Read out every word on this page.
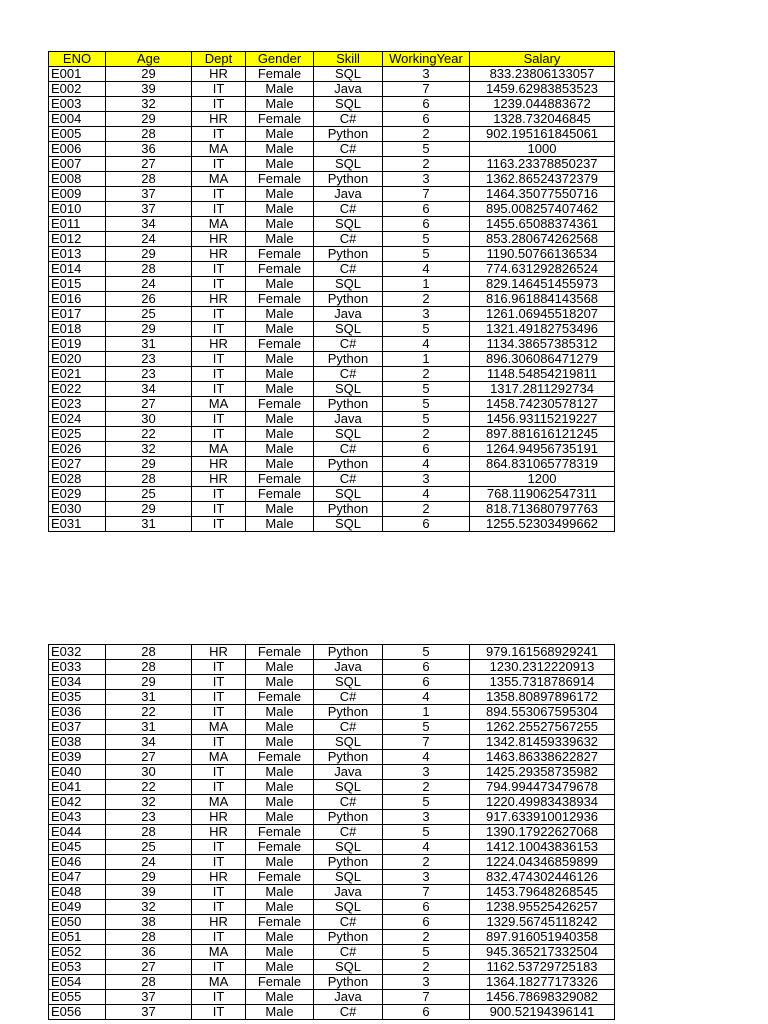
ENO	Age	Dept	Gender	Skill	WorkingYear	Salary
E001	29	HR	Female	SQL	3	833.23806133057
E002	39	IT	Male	Java	7	1459.62983853523
E003	32	IT	Male	SQL	6	1239.044883672
E004	29	HR	Female	C#	6	1328.732046845
E005	28	IT	Male	Python	2	902.195161845061
E006	36	MA	Male	C#	5	1000
E007	27	IT	Male	SQL	2	1163.23378850237
E008	28	MA	Female	Python	3	1362.86524372379
E009	37	IT	Male	Java	7	1464.35077550716
E010	37	IT	Male	C#	6	895.008257407462
E011	34	MA	Male	SQL	6	1455.65088374361
E012	24	HR	Male	C#	5	853.280674262568
E013	29	HR	Female	Python	5	1190.50766136534
E014	28	IT	Female	C#	4	774.631292826524
E015	24	IT	Male	SQL	1	829.146451455973
E016	26	HR	Female	Python	2	816.961884143568
E017	25	IT	Male	Java	3	1261.06945518207
E018	29	IT	Male	SQL	5	1321.49182753496
E019	31	HR	Female	C#	4	1134.38657385312
E020	23	IT	Male	Python	1	896.306086471279
E021	23	IT	Male	C#	2	1148.54854219811
E022	34	IT	Male	SQL	5	1317.2811292734
E023	27	MA	Female	Python	5	1458.74230578127
E024	30	IT	Male	Java	5	1456.93115219227
E025	22	IT	Male	SQL	2	897.881616121245
E026	32	MA	Male	C#	6	1264.94956735191
E027	29	HR	Male	Python	4	864.831065778319
E028	28	HR	Female	C#	3	1200
E029	25	IT	Female	SQL	4	768.119062547311
E030	29	IT	Male	Python	2	818.713680797763
E031	31	IT	Male	SQL	6	1255.52303499662
E032	28	HR	Female	Python	5	979.161568929241
E033	28	IT	Male	Java	6	1230.2312220913
E034	29	IT	Male	SQL	6	1355.7318786914
E035	31	IT	Female	C#	4	1358.80897896172
E036	22	IT	Male	Python	1	894.553067595304
E037	31	MA	Male	C#	5	1262.25527567255
E038	34	IT	Male	SQL	7	1342.81459339632
E039	27	MA	Female	Python	4	1463.86338622827
E040	30	IT	Male	Java	3	1425.29358735982
E041	22	IT	Male	SQL	2	794.994473479678
E042	32	MA	Male	C#	5	1220.49983438934
E043	23	HR	Male	Python	3	917.633910012936
E044	28	HR	Female	C#	5	1390.17922627068
E045	25	IT	Female	SQL	4	1412.10043836153
E046	24	IT	Male	Python	2	1224.04346859899
E047	29	HR	Female	SQL	3	832.474302446126
E048	39	IT	Male	Java	7	1453.79648268545
E049	32	IT	Male	SQL	6	1238.95525426257
E050	38	HR	Female	C#	6	1329.56745118242
E051	28	IT	Male	Python	2	897.916051940358
E052	36	MA	Male	C#	5	945.365217332504
E053	27	IT	Male	SQL	2	1162.53729725183
E054	28	MA	Female	Python	3	1364.18277173326
E055	37	IT	Male	Java	7	1456.78698329082
E056	37	IT	Male	C#	6	900.52194396141
